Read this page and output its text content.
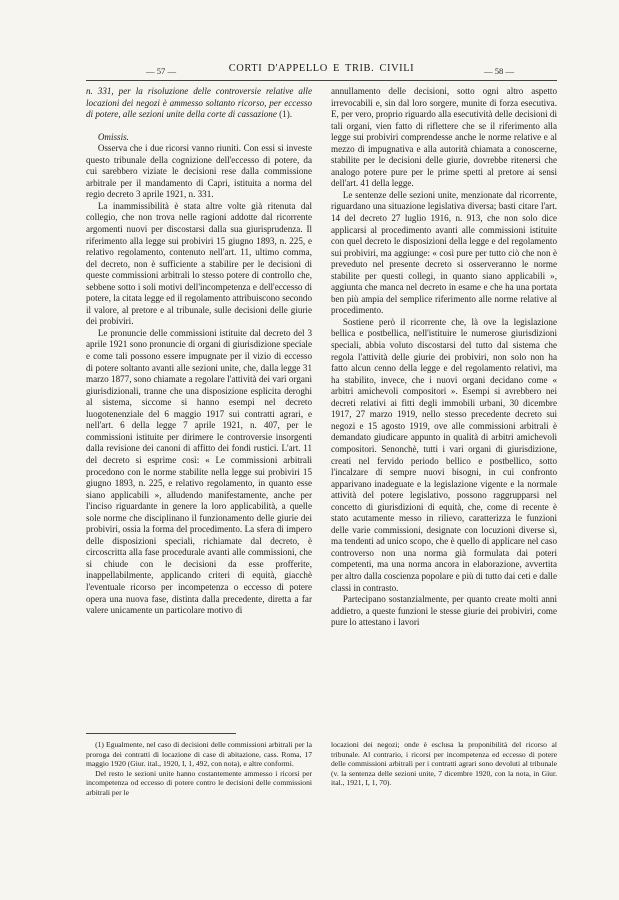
— 57 —	CORTI D'APPELLO E TRIB. CIVILI	— 58 —

n. 331, per la risoluzione delle controversie relative alle locazioni dei negozi è ammesso soltanto ricorso, per eccesso di potere, alle sezioni unite della corte di cassazione (1).

Omissis.

Osserva che i due ricorsi vanno riuniti. Con essi si investe questo tribunale della cognizione dell'eccesso di potere, da cui sarebbero viziate le decisioni rese dalla commissione arbitrale per il mandamento di Capri, istituita a norma del regio decreto 3 aprile 1921, n. 331.

La inammissibilità è stata altre volte già ritenuta dal collegio, che non trova nelle ragioni addotte dal ricorrente argomenti nuovi per discostarsi dalla sua giurisprudenza. Il riferimento alla legge sui probiviri 15 giugno 1893, n. 225, e relativo regolamento, contenuto nell'art. 11, ultimo comma, del decreto, non è sufficiente a stabilire per le decisioni di queste commissioni arbitrali lo stesso potere di controllo che, sebbene sotto i soli motivi dell'incompetenza e dell'eccesso di potere, la citata legge ed il regolamento attribuiscono secondo il valore, al pretore e al tribunale, sulle decisioni delle giurie dei probiviri.

Le pronuncie delle commissioni istituite dal decreto del 3 aprile 1921 sono pronuncie di organi di giurisdizione speciale e come tali possono essere impugnate per il vizio di eccesso di potere soltanto avanti alle sezioni unite, che, dalla legge 31 marzo 1877, sono chiamate a regolare l'attività dei vari organi giurisdizionali, tranne che una disposizione esplicita deroghi al sistema, siccome si hanno esempi nel decreto luogotenenziale del 6 maggio 1917 sui contratti agrari, e nell'art. 6 della legge 7 aprile 1921, n. 407, per le commissioni istituite per dirimere le controversie insorgenti dalla revisione dei canoni di affitto dei fondi rustici. L'art. 11 del decreto si esprime così: « Le commissioni arbitrali procedono con le norme stabilite nella legge sui probiviri 15 giugno 1893, n. 225, e relativo regolamento, in quanto esse siano applicabili », alludendo manifestamente, anche per l'inciso riguardante in genere la loro applicabilità, a quelle sole norme che disciplinano il funzionamento delle giurie dei probiviri, ossia la forma del procedimento. La sfera di impero delle disposizioni speciali, richiamate dal decreto, è circoscritta alla fase procedurale avanti alle commissioni, che si chiude con le decisioni da esse profferite, inappellabilmente, applicando criteri di equità, giacchè l'eventuale ricorso per incompetenza o eccesso di potere opera una nuova fase, distinta dalla precedente, diretta a far valere unicamente un particolare motivo di

annullamento delle decisioni, sotto ogni altro aspetto irrevocabili e, sin dal loro sorgere, munite di forza esecutiva. E, per vero, proprio riguardo alla esecutività delle decisioni di tali organi, vien fatto di riflettere che se il riferimento alla legge sui probiviri comprendesse anche le norme relative e al mezzo di impugnativa e alla autorità chiamata a conoscerne, stabilite per le decisioni delle giurie, dovrebbe ritenersi che analogo potere pure per le prime spetti al pretore ai sensi dell'art. 41 della legge.

Le sentenze delle sezioni unite, menzionate dal ricorrente, riguardano una situazione legislativa diversa; basti citare l'art. 14 del decreto 27 luglio 1916, n. 913, che non solo dice applicarsi al procedimento avanti alle commissioni istituite con quel decreto le disposizioni della legge e del regolamento sui probiviri, ma aggiunge: « così pure per tutto ciò che non è preveduto nel presente decreto si osserveranno le norme stabilite per questi collegi, in quanto siano applicabili », aggiunta che manca nel decreto in esame e che ha una portata ben più ampia del semplice riferimento alle norme relative al procedimento.

Sostiene però il ricorrente che, là ove la legislazione bellica e postbellica, nell'istituire le numerose giurisdizioni speciali, abbia voluto discostarsi del tutto dal sistema che regola l'attività delle giurie dei probiviri, non solo non ha fatto alcun cenno della legge e del regolamento relativi, ma ha stabilito, invece, che i nuovi organi decidano come « arbitri amichevoli compositori ». Esempi si avrebbero nei decreti relativi ai fitti degli immobili urbani, 30 dicembre 1917, 27 marzo 1919, nello stesso precedente decreto sui negozi e 15 agosto 1919, ove alle commissioni arbitrali è demandato giudicare appunto in qualità di arbitri amichevoli compositori. Senonchè, tutti i vari organi di giurisdizione, creati nel fervido periodo bellico e postbellico, sotto l'incalzare di sempre nuovi bisogni, in cui confronto apparivano inadeguate e la legislazione vigente e la normale attività del potere legislativo, possono raggrupparsi nel concetto di giurisdizioni di equità, che, come di recente è stato acutamente messo in rilievo, caratterizza le funzioni delle varie commissioni, designate con locuzioni diverse sì, ma tendenti ad unico scopo, che è quello di applicare nel caso controverso non una norma già formulata dai poteri competenti, ma una norma ancora in elaborazione, avvertita per altro dalla coscienza popolare e più di tutto dai ceti e dalle classi in contrasto.

Partecipano sostanzialmente, per quanto create molti anni addietro, a queste funzioni le stesse giurie dei probiviri, come pure lo attestano i lavori

(1) Egualmente, nel caso di decisioni delle commissioni arbitrali per la proroga dei contratti di locazione di case di abitazione, cass. Roma, 17 maggio 1920 (Giur. ital., 1920, I, 1, 492, con nota), e altre conformi.

Del resto le sezioni unite hanno costantemente ammesso i ricorsi per incompetenza od eccesso di potere contro le decisioni delle commissioni arbitrali per le

locazioni dei negozi; onde è esclusa la proponibilità del ricorso al tribunale. Al contrario, i ricorsi per incompetenza ed eccesso di potere delle commissioni arbitrali per i contratti agrari sono devoluti al tribunale (v. la sentenza delle sezioni unite, 7 dicembre 1920, con la nota, in Giur. ital., 1921, I, 1, 70).
